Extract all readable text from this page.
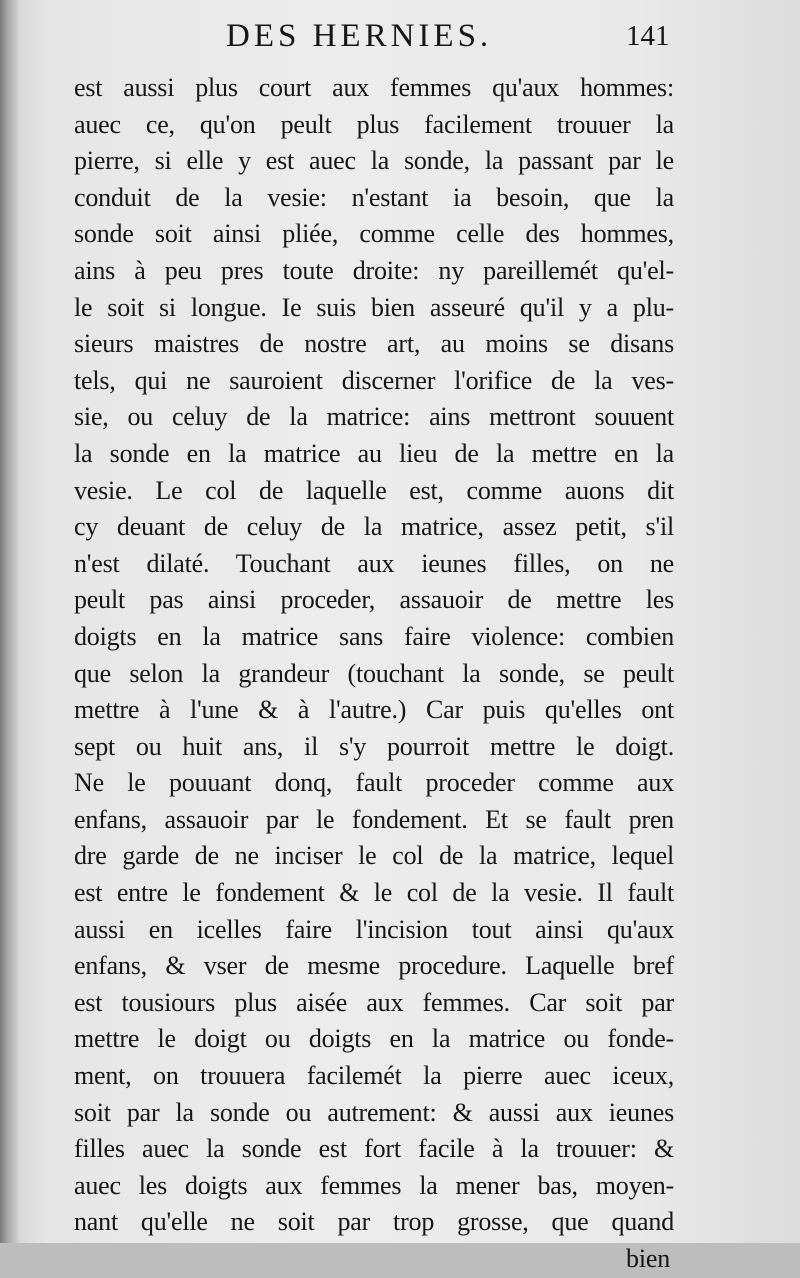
DES HERNIES.	141
est aussi plus court aux femmes qu'aux hommes:
auec ce, qu'on peult plus facilement trouuer la
pierre, si elle y est auec la sonde, la passant par le
conduit de la vesie: n'estant ia besoin, que la
sonde soit ainsi pliée, comme celle des hommes,
ains à peu pres toute droite: ny pareillemét qu'el-
le soit si longue. Ie suis bien asseuré qu'il y a plu-
sieurs maistres de nostre art, au moins se disans
tels, qui ne sauroient discerner l'orifice de la ves-
sie, ou celuy de la matrice: ains mettront souuent
la sonde en la matrice au lieu de la mettre en la
vesie. Le col de laquelle est, comme auons dit
cy deuant de celuy de la matrice, assez petit, s'il
n'est dilaté. Touchant aux ieunes filles, on ne
peult pas ainsi proceder, assauoir de mettre les
doigts en la matrice sans faire violence: combien
que selon la grandeur (touchant la sonde, se peult
mettre à l'une & à l'autre.) Car puis qu'elles ont
sept ou huit ans, il s'y pourroit mettre le doigt.
Ne le pouuant donq, fault proceder comme aux
enfans, assauoir par le fondement. Et se fault pren
dre garde de ne inciser le col de la matrice, lequel
est entre le fondement & le col de la vesie. Il fault
aussi en icelles faire l'incision tout ainsi qu'aux
enfans, & vser de mesme procedure. Laquelle bref
est tousiours plus aisée aux femmes. Car soit par
mettre le doigt ou doigts en la matrice ou fonde-
ment, on trouuera facilemét la pierre auec iceux,
soit par la sonde ou autrement: & aussi aux ieunes
filles auec la sonde est fort facile à la trouuer: &
auec les doigts aux femmes la mener bas, moyen-
nant qu'elle ne soit par trop grosse, que quand
bien
